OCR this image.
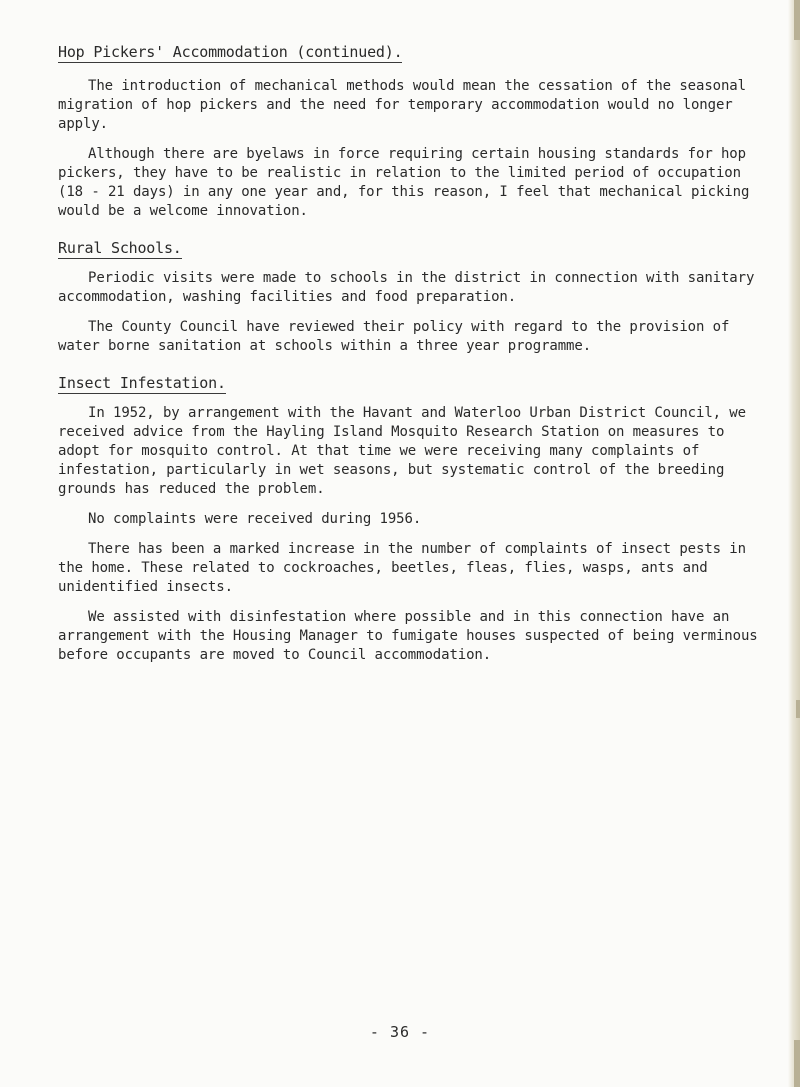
Hop Pickers' Accommodation (continued).

The introduction of mechanical methods would mean the cessation of the seasonal migration of hop pickers and the need for temporary accommodation would no longer apply.

Although there are byelaws in force requiring certain housing standards for hop pickers, they have to be realistic in relation to the limited period of occupation (18 - 21 days) in any one year and, for this reason, I feel that mechanical picking would be a welcome innovation.

Rural Schools.

Periodic visits were made to schools in the district in connection with sanitary accommodation, washing facilities and food preparation.

The County Council have reviewed their policy with regard to the provision of water borne sanitation at schools within a three year programme.

Insect Infestation.

In 1952, by arrangement with the Havant and Waterloo Urban District Council, we received advice from the Hayling Island Mosquito Research Station on measures to adopt for mosquito control. At that time we were receiving many complaints of infestation, particularly in wet seasons, but systematic control of the breeding grounds has reduced the problem.

No complaints were received during 1956.

There has been a marked increase in the number of complaints of insect pests in the home. These related to cockroaches, beetles, fleas, flies, wasps, ants and unidentified insects.

We assisted with disinfestation where possible and in this connection have an arrangement with the Housing Manager to fumigate houses suspected of being verminous before occupants are moved to Council accommodation.

- 36 -
